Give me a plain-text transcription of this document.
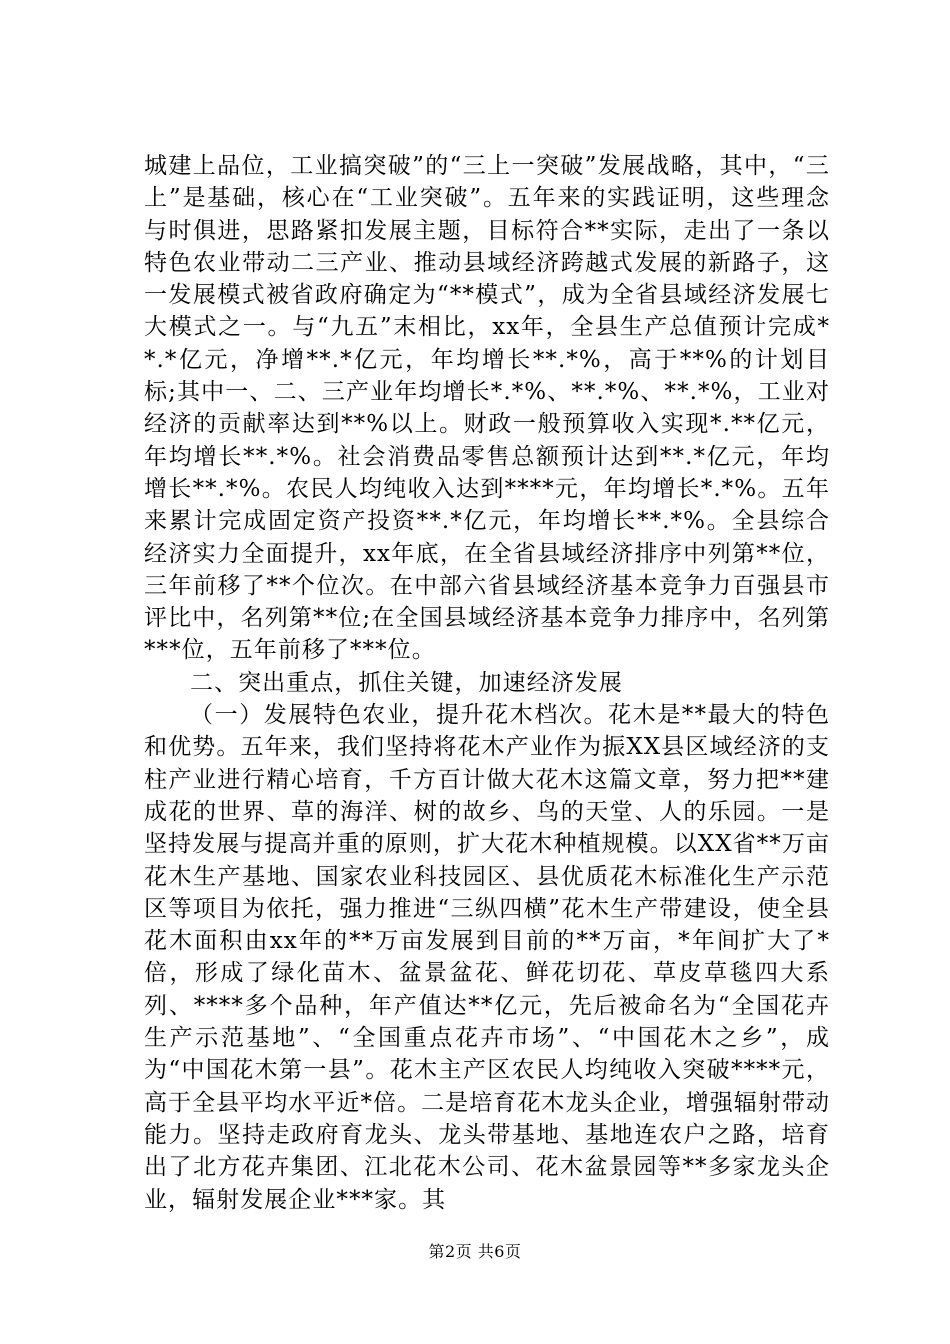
城建上品位，工业搞突破”的“三上一突破”发展战略，其中，“三上”是基础，核心在“工业突破”。五年来的实践证明，这些理念与时俱进，思路紧扣发展主题，目标符合**实际，走出了一条以特色农业带动二三产业、推动县域经济跨越式发展的新路子，这一发展模式被省政府确定为“**模式”，成为全省县域经济发展七大模式之一。与“九五”末相比，xx年，全县生产总值预计完成**.*亿元，净增**.*亿元，年均增长**.*%，高于**%的计划目标;其中一、二、三产业年均增长*.*%、**.*%、**.*%，工业对经济的贡献率达到**%以上。财政一般预算收入实现*.**亿元，年均增长**.*%。社会消费品零售总额预计达到**.*亿元，年均增长**.*%。农民人均纯收入达到****元，年均增长*.*%。五年来累计完成固定资产投资**.*亿元，年均增长**.*%。全县综合经济实力全面提升，xx年底，在全省县域经济排序中列第**位，三年前移了**个位次。在中部六省县域经济基本竞争力百强县市评比中，名列第**位;在全国县域经济基本竞争力排序中，名列第***位，五年前移了***位。

二、突出重点，抓住关键，加速经济发展

（一）发展特色农业，提升花木档次。花木是**最大的特色和优势。五年来，我们坚持将花木产业作为振XX县区域经济的支柱产业进行精心培育，千方百计做大花木这篇文章，努力把**建成花的世界、草的海洋、树的故乡、鸟的天堂、人的乐园。一是坚持发展与提高并重的原则，扩大花木种植规模。以XX省**万亩花木生产基地、国家农业科技园区、县优质花木标准化生产示范区等项目为依托，强力推进“三纵四横”花木生产带建设，使全县花木面积由xx年的**万亩发展到目前的**万亩，*年间扩大了*倍，形成了绿化苗木、盆景盆花、鲜花切花、草皮草毯四大系列、****多个品种，年产值达**亿元，先后被命名为“全国花卉生产示范基地”、“全国重点花卉市场”、“中国花木之乡”，成为“中国花木第一县”。花木主产区农民人均纯收入突破****元，高于全县平均水平近*倍。二是培育花木龙头企业，增强辐射带动能力。坚持走政府育龙头、龙头带基地、基地连农户之路，培育出了北方花卉集团、江北花木公司、花木盆景园等**多家龙头企业，辐射发展企业***家。其

第2页 共6页
